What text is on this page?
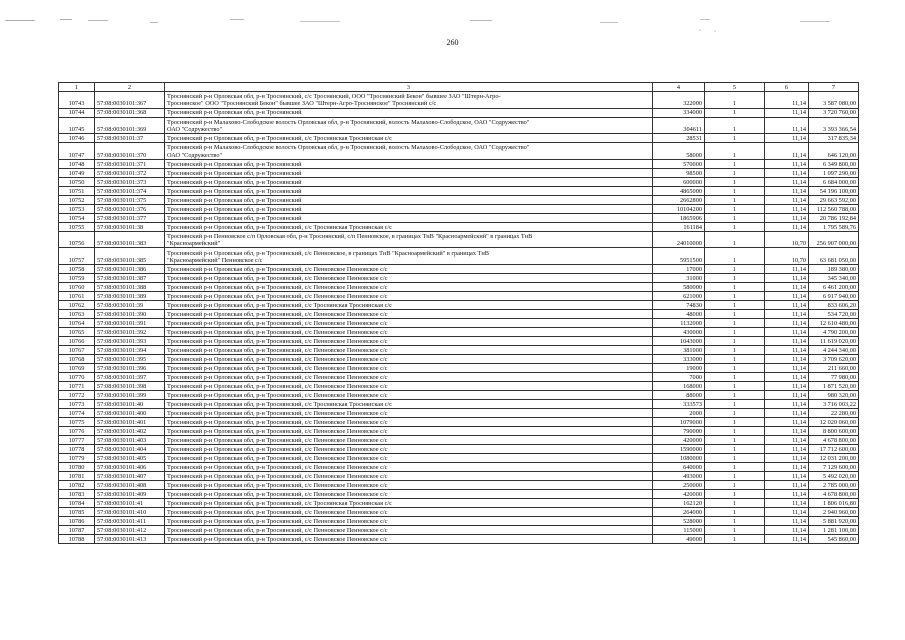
260
1	2	3	4	5	6	7
10743	57:08:0030101:367	Троснянский р-н Орловская обл, р-н Троснянский, с/с Троснянский, ООО "Троснянский Бекон" бывшее ЗАО "Штерн-Агро-
Троснянское" ООО "Троснянский Бекон" бывшее ЗАО "Штерн-Агро-Троснянское" Троснянский с/с	322000	1	11,14	3 587 080,00
10744	57:08:0030101:368	Троснянский р-н Орловская обл, р-н Троснянский	334000	1	11,14	3 720 760,00
10745	57:08:0030101:369	Троснянский р-н Малахово-Слободское волость Орловская обл, р-н Троснянский, волость Малахово-Слободское, ОАО "Содружество"
ОАО "Содружество"	304611	1	11,14	3 393 366,54
10746	57:08:0030101:37	Троснянский р-н Орловская обл, р-н Троснянский, с/с Троснянская Троснянская с/с	28531	1	11,14	317 835,34
10747	57:08:0030101:370	Троснянский р-н Малахово-Слободское волость Орловская обл, р-н Троснянский, волость Малахово-Слободское, ОАО "Содружество"
ОАО "Содружество"	58000	1	11,14	646 120,00
10748	57:08:0030101:371	Троснянский р-н Орловская обл, р-н Троснянский	570000	1	11,14	6 349 800,00
10749	57:08:0030101:372	Троснянский р-н Орловская обл, р-н Троснянский	98500	1	11,14	1 097 290,00
10750	57:08:0030101:373	Троснянский р-н Орловская обл, р-н Троснянский	600000	1	11,14	6 684 000,00
10751	57:08:0030101:374	Троснянский р-н Орловская обл, р-н Троснянский	4865000	1	11,14	54 196 100,00
10752	57:08:0030101:375	Троснянский р-н Орловская обл, р-н Троснянский	2662800	1	11,14	29 663 592,00
10753	57:08:0030101:376	Троснянский р-н Орловская обл, р-н Троснянский	10104200	1	11,14	112 560 788,00
10754	57:08:0030101:377	Троснянский р-н Орловская обл, р-н Троснянский	1865906	1	11,14	20 786 192,84
10755	57:08:0030101:38	Троснянский р-н Орловская обл, р-н Троснянский, с/с Троснянская Троснянская с/с	161184	1	11,14	1 795 589,76
10756	57:08:0030101:383	Троснянский р-н Пенновское с/п Орловская обл, р-н Троснянский, с/п Пенновское, в границах ТнВ "Красноармейский" в границах ТнВ
"Красноармейский"	24010000	1	10,70	256 907 000,00
10757	57:08:0030101:385	Троснянский р-н Орловская обл, р-н Троснянский, с/с Пенновское, в границах ТнВ "Красноармейский" в границах ТнВ
"Красноармейский" Пенновское с/с	5951500	1	10,70	63 681 050,00
10758	57:08:0030101:386	Троснянский р-н Орловская обл, р-н Троснянский, с/с Пенновское Пенновское с/с	17000	1	11,14	189 380,00
10759	57:08:0030101:387	Троснянский р-н Орловская обл, р-н Троснянский, с/с Пенновское Пенновское с/с	31000	1	11,14	345 340,00
10760	57:08:0030101:388	Троснянский р-н Орловская обл, р-н Троснянский, с/с Пенновское Пенновское с/с	580000	1	11,14	6 461 200,00
10761	57:08:0030101:389	Троснянский р-н Орловская обл, р-н Троснянский, с/с Пенновское Пенновское с/с	621000	1	11,14	6 917 940,00
10762	57:08:0030101:39	Троснянский р-н Орловская обл, р-н Троснянский, с/с Троснянская Троснянская с/с	74830	1	11,14	833 606,20
10763	57:08:0030101:390	Троснянский р-н Орловская обл, р-н Троснянский, с/с Пенновское Пенновское с/с	48000	1	11,14	534 720,00
10764	57:08:0030101:391	Троснянский р-н Орловская обл, р-н Троснянский, с/с Пенновское Пенновское с/с	1132000	1	11,14	12 610 480,00
10765	57:08:0030101:392	Троснянский р-н Орловская обл, р-н Троснянский, с/с Пенновское Пенновское с/с	430000	1	11,14	4 790 200,00
10766	57:08:0030101:393	Троснянский р-н Орловская обл, р-н Троснянский, с/с Пенновское Пенновское с/с	1043000	1	11,14	11 619 020,00
10767	57:08:0030101:394	Троснянский р-н Орловская обл, р-н Троснянский, с/с Пенновское Пенновское с/с	381000	1	11,14	4 244 340,00
10768	57:08:0030101:395	Троснянский р-н Орловская обл, р-н Троснянский, с/с Пенновское Пенновское с/с	333000	1	11,14	3 709 620,00
10769	57:08:0030101:396	Троснянский р-н Орловская обл, р-н Троснянский, с/с Пенновское Пенновское с/с	19000	1	11,14	211 660,00
10770	57:08:0030101:397	Троснянский р-н Орловская обл, р-н Троснянский, с/с Пенновское Пенновское с/с	7000	1	11,14	77 980,00
10771	57:08:0030101:398	Троснянский р-н Орловская обл, р-н Троснянский, с/с Пенновское Пенновское с/с	168000	1	11,14	1 871 520,00
10772	57:08:0030101:399	Троснянский р-н Орловская обл, р-н Троснянский, с/с Пенновское Пенновское с/с	88000	1	11,14	980 320,00
10773	57:08:0030101:40	Троснянский р-н Орловская обл, р-н Троснянский, с/с Троснянская Троснянская с/с	333573	1	11,14	3 716 003,22
10774	57:08:0030101:400	Троснянский р-н Орловская обл, р-н Троснянский, с/с Пенновское Пенновское с/с	2000	1	11,14	22 280,00
10775	57:08:0030101:401	Троснянский р-н Орловская обл, р-н Троснянский, с/с Пенновское Пенновское с/с	1079000	1	11,14	12 020 060,00
10776	57:08:0030101:402	Троснянский р-н Орловская обл, р-н Троснянский, с/с Пенновское Пенновское с/с	790000	1	11,14	8 800 600,00
10777	57:08:0030101:403	Троснянский р-н Орловская обл, р-н Троснянский, с/с Пенновское Пенновское с/с	420000	1	11,14	4 678 800,00
10778	57:08:0030101:404	Троснянский р-н Орловская обл, р-н Троснянский, с/с Пенновское Пенновское с/с	1590000	1	11,14	17 712 600,00
10779	57:08:0030101:405	Троснянский р-н Орловская обл, р-н Троснянский, с/с Пенновское Пенновское с/с	1080000	1	11,14	12 031 200,00
10780	57:08:0030101:406	Троснянский р-н Орловская обл, р-н Троснянский, с/с Пенновское Пенновское с/с	640000	1	11,14	7 129 600,00
10781	57:08:0030101:407	Троснянский р-н Орловская обл, р-н Троснянский, с/с Пенновское Пенновское с/с	493000	1	11,14	5 492 020,00
10782	57:08:0030101:408	Троснянский р-н Орловская обл, р-н Троснянский, с/с Пенновское Пенновское с/с	250000	1	11,14	2 785 000,00
10783	57:08:0030101:409	Троснянский р-н Орловская обл, р-н Троснянский, с/с Пенновское Пенновское с/с	420000	1	11,14	4 678 800,00
10784	57:08:0030101:41	Троснянский р-н Орловская обл, р-н Троснянский, с/с Троснянская Троснянская с/с	162120	1	11,14	1 806 016,80
10785	57:08:0030101:410	Троснянский р-н Орловская обл, р-н Троснянский, с/с Пенновское Пенновское с/с	264000	1	11,14	2 940 960,00
10786	57:08:0030101:411	Троснянский р-н Орловская обл, р-н Троснянский, с/с Пенновское Пенновское с/с	528000	1	11,14	5 881 920,00
10787	57:08:0030101:412	Троснянский р-н Орловская обл, р-н Троснянский, с/с Пенновское Пенновское с/с	115000	1	11,14	1 281 100,00
10788	57:08:0030101:413	Троснянский р-н Орловская обл, р-н Троснянский, с/с Пенновское Пенновское с/с	49000	1	11,14	545 860,00
